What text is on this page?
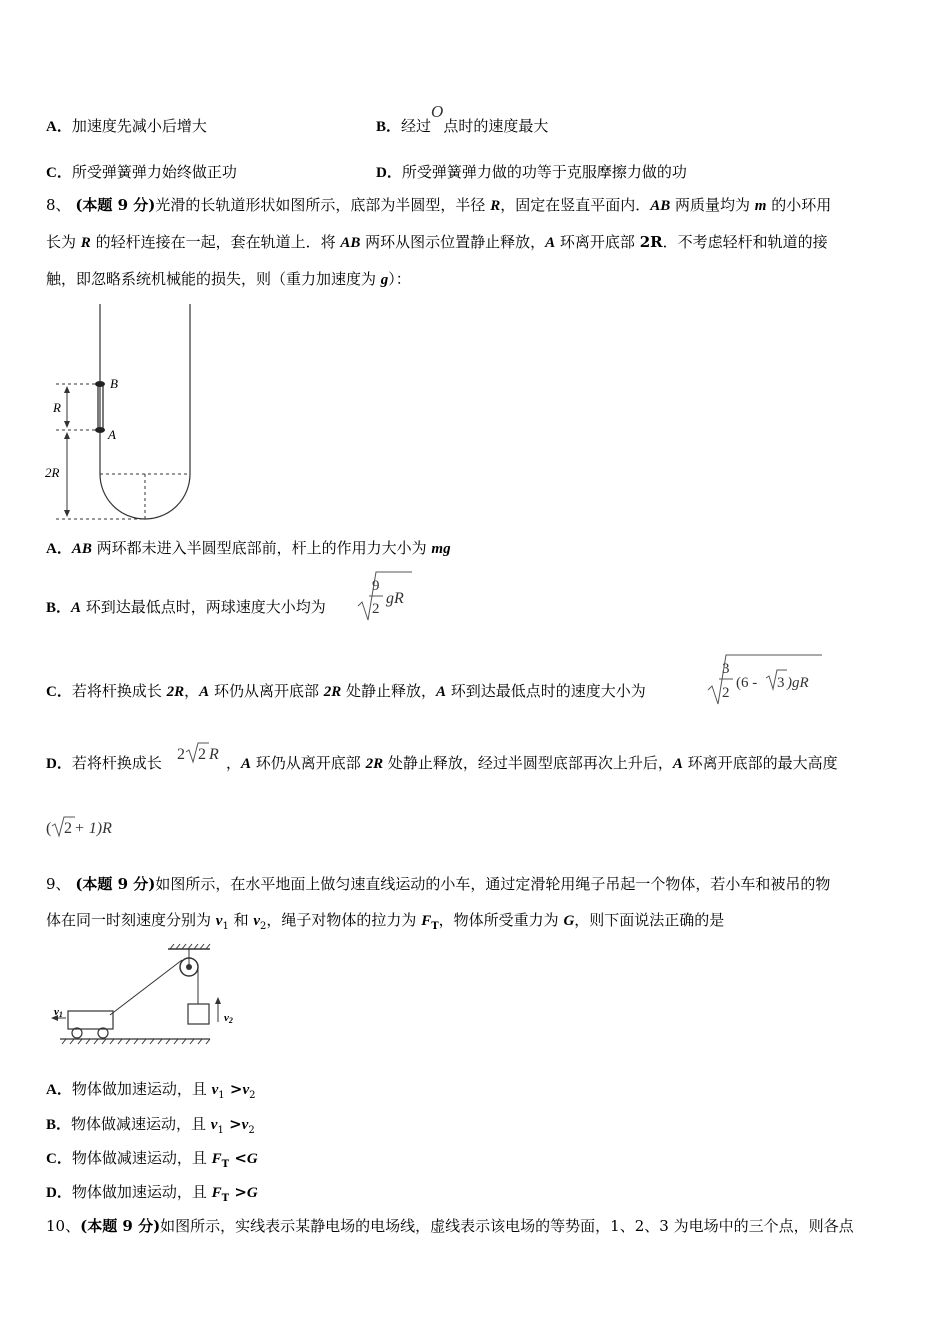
A．加速度先减小后增大	B．经过O点时的速度最大
C．所受弹簧弹力始终做正功	D．所受弹簧弹力做的功等于克服摩擦力做的功
8、 (本题 9 分)光滑的长轨道形状如图所示，底部为半圆型，半径 R，固定在竖直平面内．AB 两质量均为 m 的小环用
长为 R 的轻杆连接在一起，套在轨道上．将 AB 两环从图示位置静止释放，A 环离开底部 2R．不考虑轻杆和轨道的接
触，即忽略系统机械能的损失，则（重力加速度为 g）：
B
A
R
2R
A．AB 两环都未进入半圆型底部前，杆上的作用力大小为 mg
B．A 环到达最低点时，两球速度大小均为
9
2
gR
C．若将杆换成长 2R，A 环仍从离开底部 2R 处静止释放，A 环到达最低点时的速度大小为
3
2
(6 - 3 )gR
D．若将杆换成长 2 2 R ，A 环仍从离开底部 2R 处静止释放，经过半圆型底部再次上升后，A 环离开底部的最大高度
( 2 + 1)R
9、 (本题 9 分)如图所示，在水平地面上做匀速直线运动的小车，通过定滑轮用绳子吊起一个物体，若小车和被吊的物
体在同一时刻速度分别为 $v_1$ 和 $v_2$，绳子对物体的拉力为 $F_T$，物体所受重力为 G，则下面说法正确的是
v2
v1
A．物体做加速运动，且 $v_1 >v_2$
B．物体做减速运动，且 $v_1 >v_2$
C．物体做减速运动，且 $F_T <G$
D．物体做加速运动，且 $F_T >G$
10、(本题 9 分)如图所示，实线表示某静电场的电场线，虚线表示该电场的等势面，1、2、3 为电场中的三个点，则各点
